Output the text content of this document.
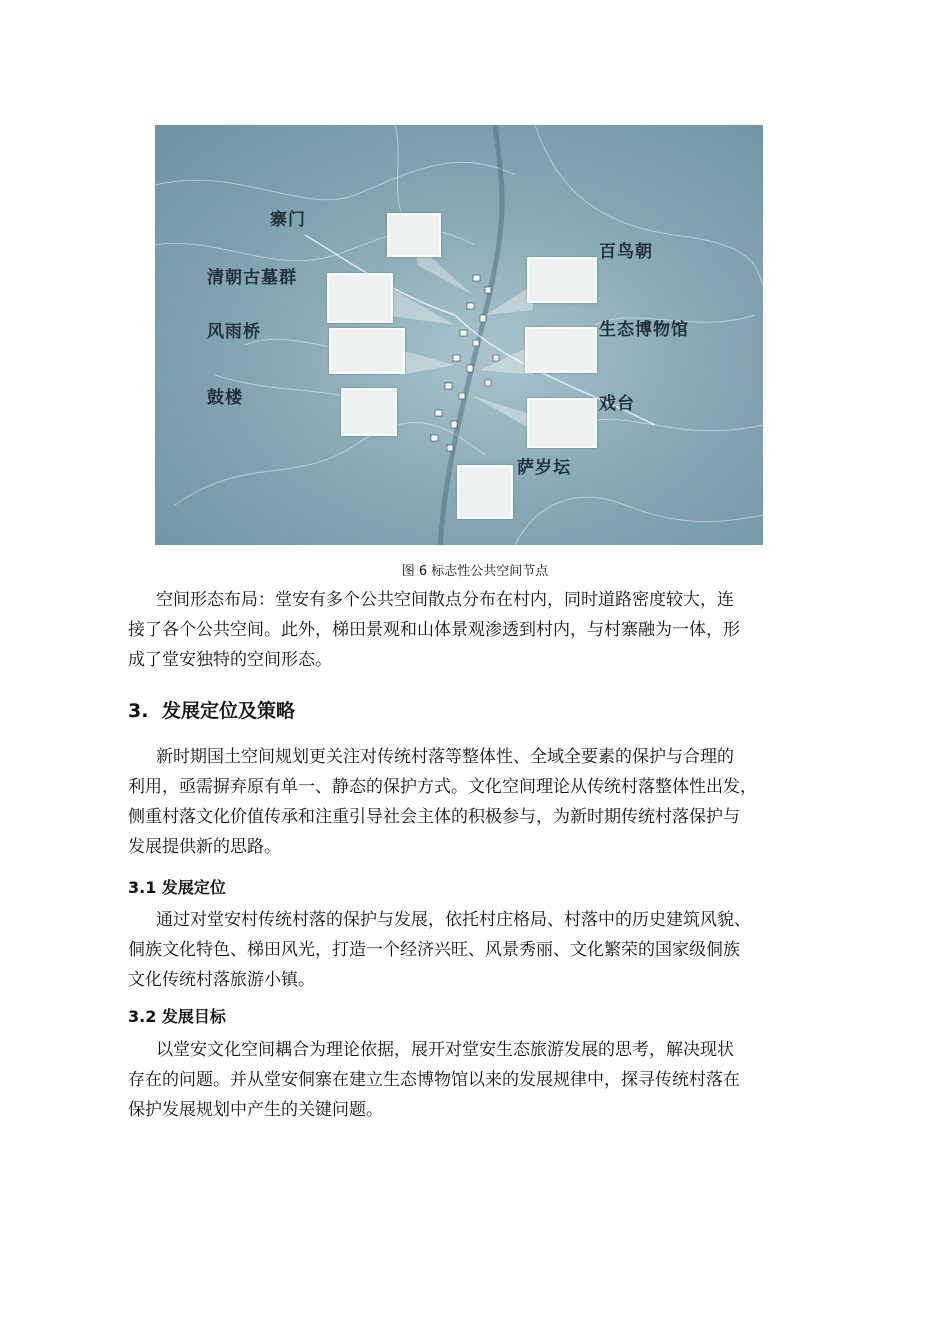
寨门
清朝古墓群
风雨桥
鼓楼
百鸟朝
生态博物馆
戏台
萨岁坛
图 6 标志性公共空间节点
空间形态布局：堂安有多个公共空间散点分布在村内，同时道路密度较大，连
接了各个公共空间。此外，梯田景观和山体景观渗透到村内，与村寨融为一体，形
成了堂安独特的空间形态。
3. 发展定位及策略
新时期国土空间规划更关注对传统村落等整体性、全域全要素的保护与合理的
利用，亟需摒弃原有单一、静态的保护方式。文化空间理论从传统村落整体性出发，
侧重村落文化价值传承和注重引导社会主体的积极参与，为新时期传统村落保护与
发展提供新的思路。
3.1 发展定位
通过对堂安村传统村落的保护与发展，依托村庄格局、村落中的历史建筑风貌、
侗族文化特色、梯田风光，打造一个经济兴旺、风景秀丽、文化繁荣的国家级侗族
文化传统村落旅游小镇。
3.2 发展目标
以堂安文化空间耦合为理论依据，展开对堂安生态旅游发展的思考，解决现状
存在的问题。并从堂安侗寨在建立生态博物馆以来的发展规律中，探寻传统村落在
保护发展规划中产生的关键问题。
